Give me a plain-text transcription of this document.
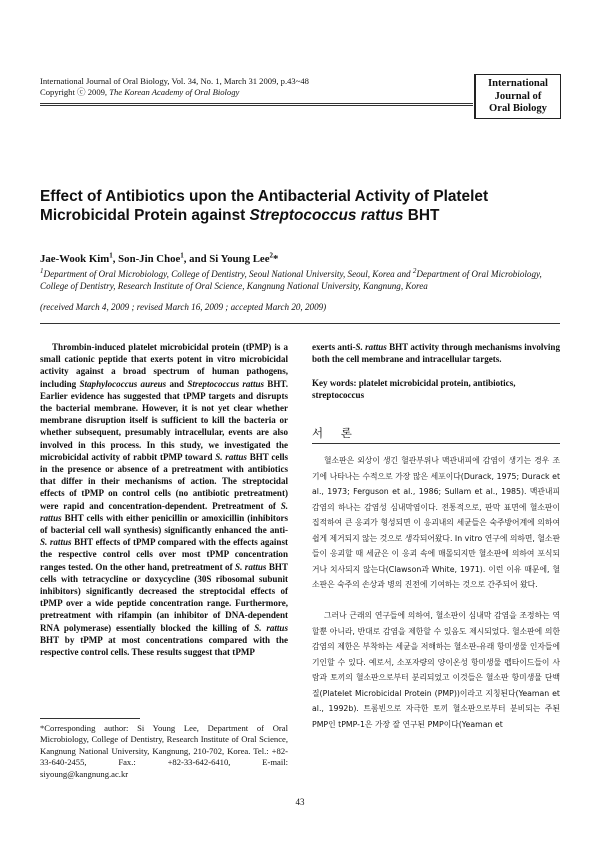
International Journal of Oral Biology, Vol. 34, No. 1, March 31 2009, p.43~48
Copyright ⓒ 2009, The Korean Academy of Oral Biology
International
Journal of
Oral Biology
Effect of Antibiotics upon the Antibacterial Activity of Platelet Microbicidal Protein against Streptococcus rattus BHT
Jae-Wook Kim$^1$, Son-Jin Choe$^1$, and Si Young Lee$^2$*
$^1$Department of Oral Microbiology, College of Dentistry, Seoul National University, Seoul, Korea and $^2$Department of Oral Microbiology, College of Dentistry, Research Institute of Oral Science, Kangnung National University, Kangnung, Korea
(received March 4, 2009 ; revised March 16, 2009 ; accepted March 20, 2009)
Thrombin-induced platelet microbicidal protein (tPMP) is a small cationic peptide that exerts potent in vitro microbicidal activity against a broad spectrum of human pathogens, including Staphylococcus aureus and Streptococcus rattus BHT. Earlier evidence has suggested that tPMP targets and disrupts the bacterial membrane. However, it is not yet clear whether membrane disruption itself is sufficient to kill the bacteria or whether subsequent, presumably intracellular, events are also involved in this process. In this study, we investigated the microbicidal activity of rabbit tPMP toward S. rattus BHT cells in the presence or absence of a pretreatment with antibiotics that differ in their mechanisms of action. The streptocidal effects of tPMP on control cells (no antibiotic pretreatment) were rapid and concentration-dependent. Pretreatment of S. rattus BHT cells with either penicillin or amoxicillin (inhibitors of bacterial cell wall synthesis) significantly enhanced the anti-S. rattus BHT effects of tPMP compared with the effects against the respective control cells over most tPMP concentration ranges tested. On the other hand, pretreatment of S. rattus BHT cells with tetracycline or doxycycline (30S ribosomal subunit inhibitors) significantly decreased the streptocidal effects of tPMP over a wide peptide concentration range. Furthermore, pretreatment with rifampin (an inhibitor of DNA-dependent RNA polymerase) essentially blocked the killing of S. rattus BHT by tPMP at most concentrations compared with the respective control cells. These results suggest that tPMP
exerts anti-S. rattus BHT activity through mechanisms involving both the cell membrane and intracellular targets.
Key words: platelet microbicidal protein, antibiotics, streptococcus
서 론

혈소판은 외상이 생긴 혈관부위나 맥관내피에 감염이 생기는 경우 조기에 나타나는 수적으로 가장 많은 세포이다(Durack, 1975; Durack et al., 1973; Ferguson et al., 1986; Sullam et al., 1985). 맥관내피 감염의 하나는 감염성 심내막염이다. 전통적으로, 판막 표면에 혈소판이 집적하여 큰 응괴가 형성되면 이 응괴내의 세균들은 숙주방어계에 의하여 쉽게 제거되지 않는 것으로 생각되어왔다. In vitro 연구에 의하면, 혈소판들이 응괴할 때 세균은 이 응괴 속에 매몰되지만 혈소판에 의하여 포식되거나 치사되지 않는다(Clawson과 White, 1971). 이런 이유 때문에, 혈소판은 숙주의 손상과 병의 진전에 기여하는 것으로 간주되어 왔다.

그러나 근래의 연구들에 의하여, 혈소판이 심내막 감염을 조정하는 역할뿐 아니라, 반대로 감염을 제한할 수 있음도 제시되었다. 혈소판에 의한 감염의 제한은 부착하는 세균을 저해하는 혈소판-유래 항미생물 인자들에 기인할 수 있다. 예로서, 소포자량의 양이온성 항미생물 펩타이드들이 사람과 토끼의 혈소판으로부터 분리되었고 이것들은 혈소판 항미생물 단백질(Platelet Microbicidal Protein (PMP))이라고 지칭된다(Yeaman et al., 1992b). 트롬빈으로 자극한 토끼 혈소판으로부터 분비되는 주된 PMP인 tPMP-1은 가장 잘 연구된 PMP이다(Yeaman et

*Corresponding author: Si Young Lee, Department of Oral Microbiology, College of Dentistry, Research Institute of Oral Science, Kangnung National University, Kangnung, 210-702, Korea. Tel.: +82-33-640-2455, Fax.: +82-33-642-6410, E-mail: siyoung@kangnung.ac.kr
43
